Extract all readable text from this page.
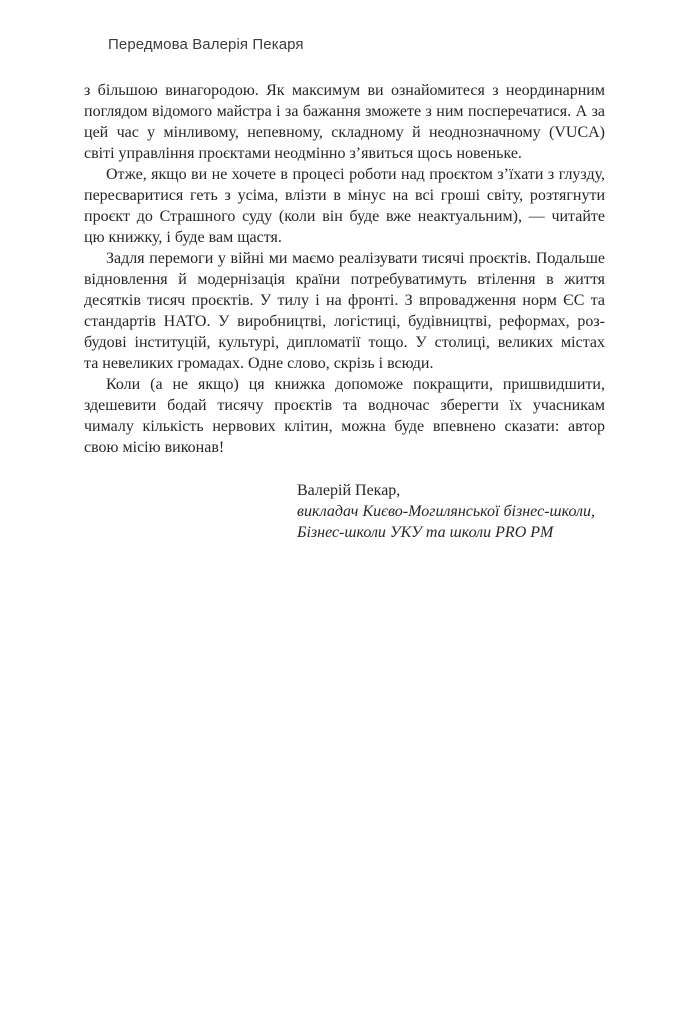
Передмова Валерія Пекаря
з більшою винагородою. Як максимум ви ознайомитеся з неординарним
поглядом відомого майстра і за бажання зможете з ним посперечатися. А за
цей час у мінливому, непевному, складному й неоднозначному (VUCA)
світі управління проєктами неодмінно з’явиться щось новеньке.
Отже, якщо ви не хочете в процесі роботи над проєктом з’їхати з глузду,
пересваритися геть з усіма, влізти в мінус на всі гроші світу, розтягнути
проєкт до Страшного суду (коли він буде вже неактуальним), — читайте
цю книжку, і буде вам щастя.
Задля перемоги у війні ми маємо реалізувати тисячі проєктів. Подальше
відновлення й модернізація країни потребуватимуть втілення в життя
десятків тисяч проєктів. У тилу і на фронті. З впровадження норм ЄС та
стандартів НАТО. У виробництві, логістиці, будівництві, реформах, роз-
будові інституцій, культурі, дипломатії тощо. У столиці, великих містах
та невеликих громадах. Одне слово, скрізь і всюди.
Коли (а не якщо) ця книжка допоможе покращити, пришвидшити,
здешевити бодай тисячу проєктів та водночас зберегти їх учасникам
чималу кількість нервових клітин, можна буде впевнено сказати: автор
свою місію виконав!
Валерій Пекар,
викладач Києво-Могилянської бізнес-школи,
Бізнес-школи УКУ та школи PRO PM
